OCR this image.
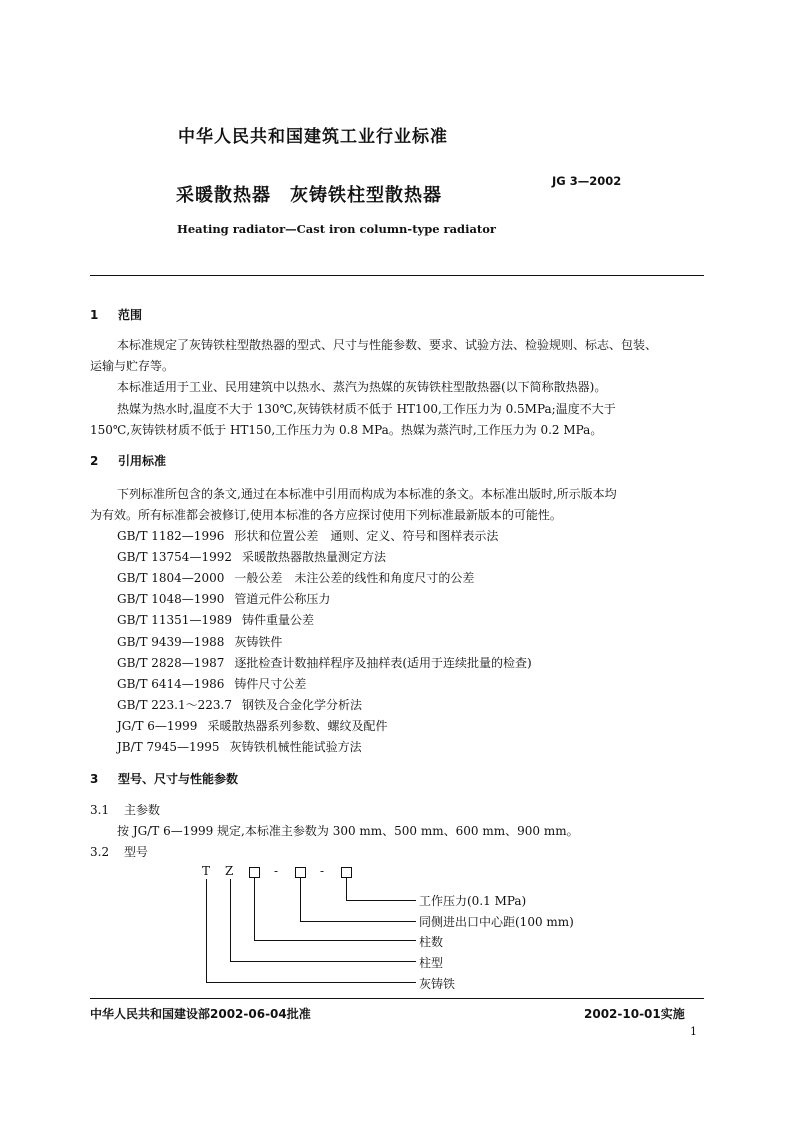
中华人民共和国建筑工业行业标准
采暖散热器　灰铸铁柱型散热器
JG 3—2002
Heating radiator—Cast iron column-type radiator
1 范围
本标准规定了灰铸铁柱型散热器的型式、尺寸与性能参数、要求、试验方法、检验规则、标志、包装、
运输与贮存等。
本标准适用于工业、民用建筑中以热水、蒸汽为热媒的灰铸铁柱型散热器(以下简称散热器)。
热媒为热水时,温度不大于 130℃,灰铸铁材质不低于 HT100,工作压力为 0.5MPa;温度不大于
150℃,灰铸铁材质不低于 HT150,工作压力为 0.8 MPa。热媒为蒸汽时,工作压力为 0.2 MPa。
2 引用标准
下列标准所包含的条文,通过在本标准中引用而构成为本标准的条文。本标准出版时,所示版本均
为有效。所有标准都会被修订,使用本标准的各方应探讨使用下列标准最新版本的可能性。
GB/T 1182—1996 形状和位置公差　通则、定义、符号和图样表示法
GB/T 13754—1992 采暖散热器散热量测定方法
GB/T 1804—2000 一般公差　未注公差的线性和角度尺寸的公差
GB/T 1048—1990 管道元件公称压力
GB/T 11351—1989 铸件重量公差
GB/T 9439—1988 灰铸铁件
GB/T 2828—1987 逐批检查计数抽样程序及抽样表(适用于连续批量的检查)
GB/T 6414—1986 铸件尺寸公差
GB/T 223.1～223.7 钢铁及合金化学分析法
JG/T 6—1999 采暖散热器系列参数、螺纹及配件
JB/T 7945—1995 灰铸铁机械性能试验方法
3 型号、尺寸与性能参数
3.1 主参数
按 JG/T 6—1999 规定,本标准主参数为 300 mm、500 mm、600 mm、900 mm。
3.2 型号
T Z	-	-
工作压力(0.1 MPa)
同侧进出口中心距(100 mm)
柱数
柱型
灰铸铁
中华人民共和国建设部2002-06-04批准	2002-10-01实施
1
